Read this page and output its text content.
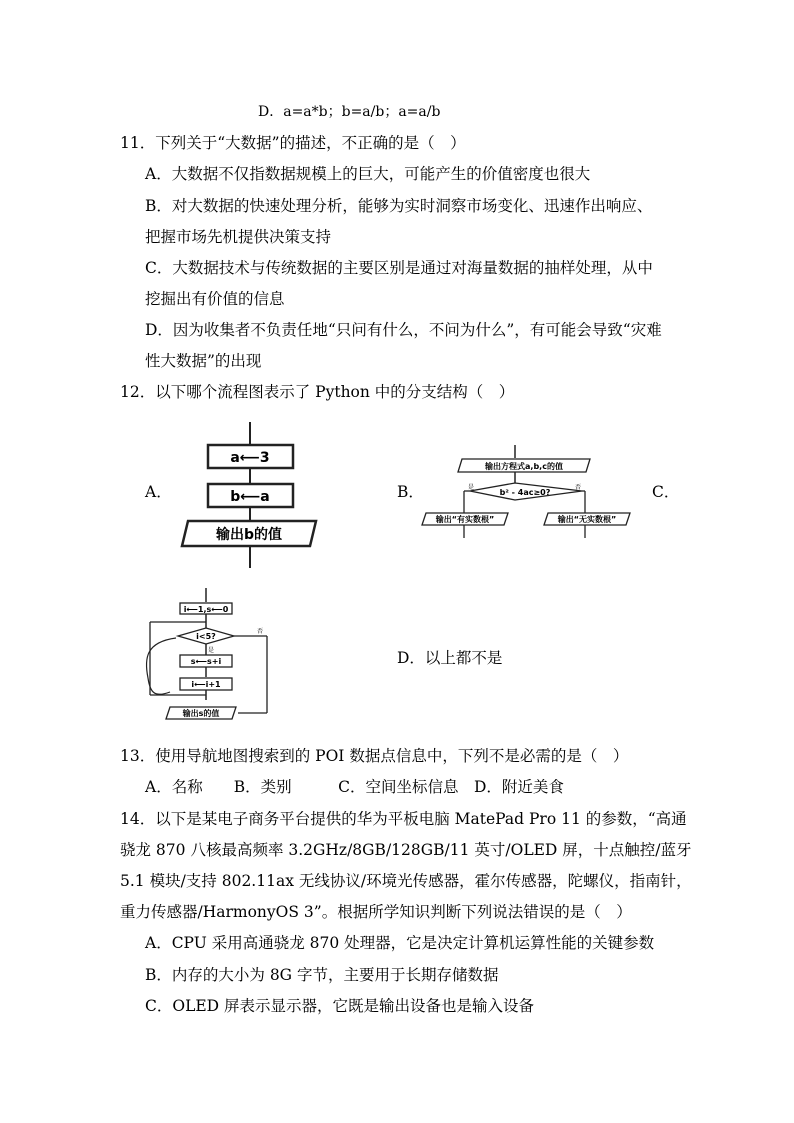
D．a=a*b；b=a/b；a=a/b
11．下列关于“大数据”的描述，不正确的是（　）
A．大数据不仅指数据规模上的巨大，可能产生的价值密度也很大
B．对大数据的快速处理分析，能够为实时洞察市场变化、迅速作出响应、
把握市场先机提供决策支持
C．大数据技术与传统数据的主要区别是通过对海量数据的抽样处理，从中
挖掘出有价值的信息
D．因为收集者不负责任地“只问有什么，不问为什么”，有可能会导致“灾难
性大数据”的出现
12．以下哪个流程图表示了 Python 中的分支结构（　）
A．	B．	C．
a⟵3
b⟵a
输出b的值
输出方程式a,b,c的值
b² - 4ac≥0?
是	否
输出“有实数根”	输出“无实数根”
i⟵1,s⟵0
i<5?
否
是
s⟵s+i
i⟵i+1
输出s的值
D．以上都不是
13．使用导航地图搜索到的 POI 数据点信息中，下列不是必需的是（　）
A．名称　　B．类别　　　C．空间坐标信息　D．附近美食
14．以下是某电子商务平台提供的华为平板电脑 MatePad Pro 11 的参数，“高通
骁龙 870 八核最高频率 3.2GHz/8GB/128GB/11 英寸/OLED 屏，十点触控/蓝牙
5.1 模块/支持 802.11ax 无线协议/环境光传感器，霍尔传感器，陀螺仪，指南针，
重力传感器/HarmonyOS 3”。根据所学知识判断下列说法错误的是（　）
A．CPU 采用高通骁龙 870 处理器，它是决定计算机运算性能的关键参数
B．内存的大小为 8G 字节，主要用于长期存储数据
C．OLED 屏表示显示器，它既是输出设备也是输入设备
